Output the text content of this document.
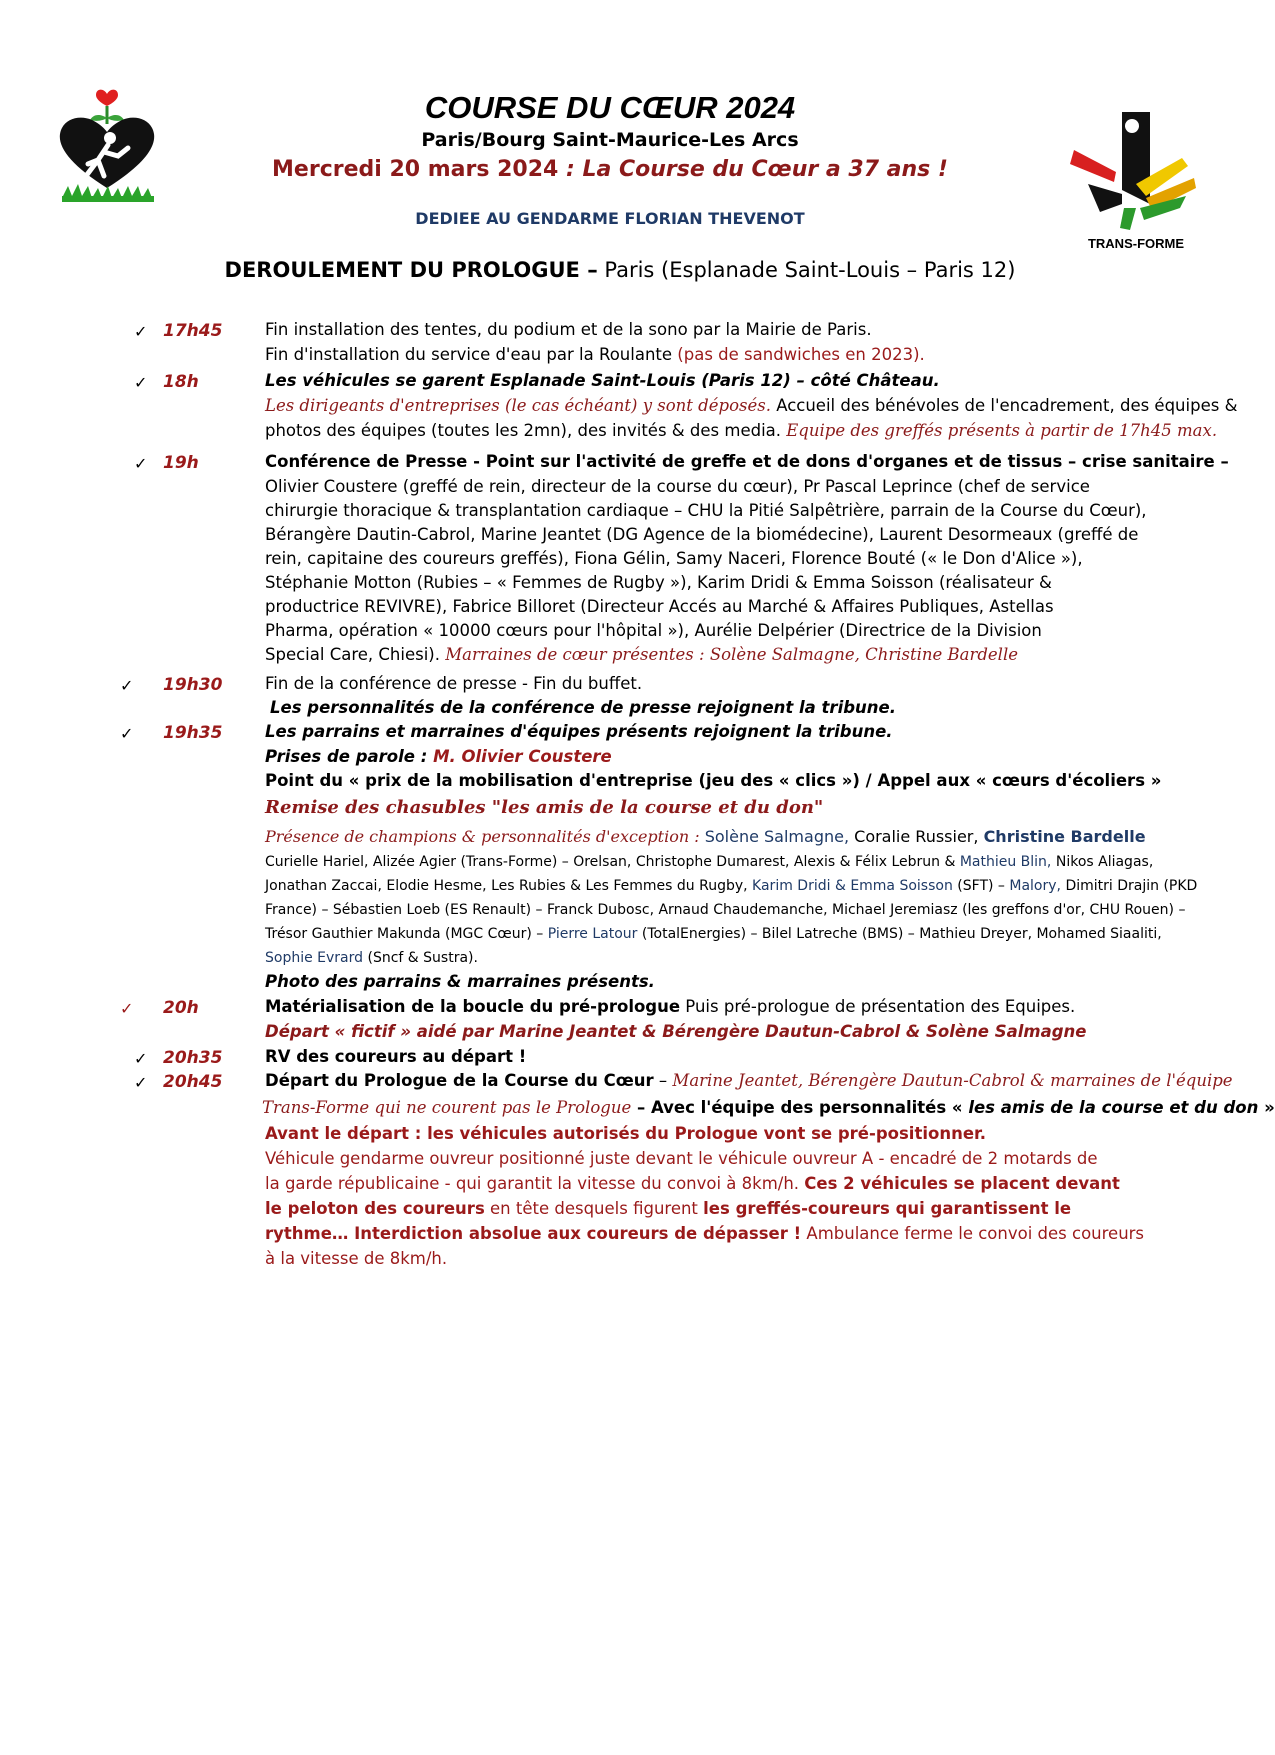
TRANS-FORME
COURSE DU CŒUR 2024
Paris/Bourg Saint-Maurice-Les Arcs
Mercredi 20 mars 2024 : La Course du Cœur a 37 ans !
DEDIEE AU GENDARME FLORIAN THEVENOT
DEROULEMENT DU PROLOGUE – Paris (Esplanade Saint-Louis – Paris 12)
✓ 17h45	Fin installation des tentes, du podium et de la sono par la Mairie de Paris.
Fin d'installation du service d'eau par la Roulante (pas de sandwiches en 2023).
✓ 18h	Les véhicules se garent Esplanade Saint-Louis (Paris 12) – côté Château.
Les dirigeants d'entreprises (le cas échéant) y sont déposés. Accueil des bénévoles de l'encadrement, des équipes &
photos des équipes (toutes les 2mn), des invités & des media. Equipe des greffés présents à partir de 17h45 max.
✓ 19h	Conférence de Presse - Point sur l'activité de greffe et de dons d'organes et de tissus – crise sanitaire –
Olivier Coustere (greffé de rein, directeur de la course du cœur), Pr Pascal Leprince (chef de service
chirurgie thoracique & transplantation cardiaque – CHU la Pitié Salpêtrière, parrain de la Course du Cœur),
Bérangère Dautin-Cabrol, Marine Jeantet (DG Agence de la biomédecine), Laurent Desormeaux (greffé de
rein, capitaine des coureurs greffés), Fiona Gélin, Samy Naceri, Florence Bouté (« le Don d'Alice »),
Stéphanie Motton (Rubies – « Femmes de Rugby »), Karim Dridi & Emma Soisson (réalisateur &
productrice REVIVRE), Fabrice Billoret (Directeur Accés au Marché & Affaires Publiques, Astellas
Pharma, opération « 10000 cœurs pour l'hôpital »), Aurélie Delpérier (Directrice de la Division
Special Care, Chiesi). Marraines de cœur présentes : Solène Salmagne, Christine Bardelle
✓ 19h30	Fin de la conférence de presse - Fin du buffet.
Les personnalités de la conférence de presse rejoignent la tribune.
✓ 19h35	Les parrains et marraines d'équipes présents rejoignent la tribune.
Prises de parole : M. Olivier Coustere
Point du « prix de la mobilisation d'entreprise (jeu des « clics ») / Appel aux « cœurs d'écoliers »
Remise des chasubles "les amis de la course et du don"
Présence de champions & personnalités d'exception : Solène Salmagne, Coralie Russier, Christine Bardelle
Curielle Hariel, Alizée Agier (Trans-Forme) – Orelsan, Christophe Dumarest, Alexis & Félix Lebrun & Mathieu Blin, Nikos Aliagas,
Jonathan Zaccai, Elodie Hesme, Les Rubies & Les Femmes du Rugby, Karim Dridi & Emma Soisson (SFT) – Malory, Dimitri Drajin (PKD
France) – Sébastien Loeb (ES Renault) – Franck Dubosc, Arnaud Chaudemanche, Michael Jeremiasz (les greffons d'or, CHU Rouen) –
Trésor Gauthier Makunda (MGC Cœur) – Pierre Latour (TotalEnergies) – Bilel Latreche (BMS) – Mathieu Dreyer, Mohamed Siaaliti,
Sophie Evrard (Sncf & Sustra).
Photo des parrains & marraines présents.
✓ 20h	Matérialisation de la boucle du pré-prologue Puis pré-prologue de présentation des Equipes.
Départ « fictif » aidé par Marine Jeantet & Bérengère Dautun-Cabrol & Solène Salmagne
✓ 20h35	RV des coureurs au départ !
✓ 20h45	Départ du Prologue de la Course du Cœur – Marine Jeantet, Bérengère Dautun-Cabrol & marraines de l'équipe
Trans-Forme qui ne courent pas le Prologue – Avec l'équipe des personnalités « les amis de la course et du don »
Avant le départ : les véhicules autorisés du Prologue vont se pré-positionner.
Véhicule gendarme ouvreur positionné juste devant le véhicule ouvreur A - encadré de 2 motards de
la garde républicaine - qui garantit la vitesse du convoi à 8km/h. Ces 2 véhicules se placent devant
le peloton des coureurs en tête desquels figurent les greffés-coureurs qui garantissent le
rythme… Interdiction absolue aux coureurs de dépasser ! Ambulance ferme le convoi des coureurs
à la vitesse de 8km/h.
